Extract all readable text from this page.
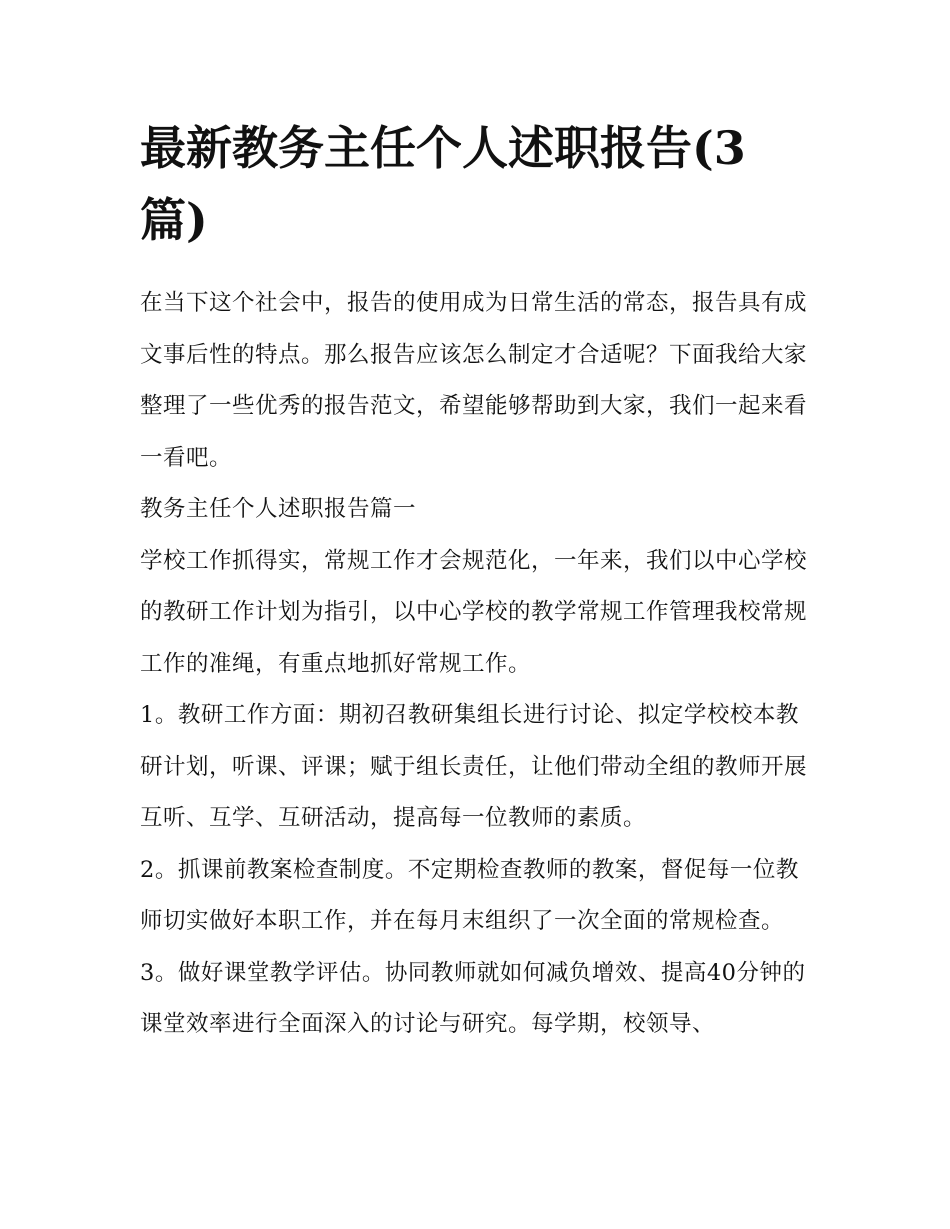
最新教务主任个人述职报告(3篇)

在当下这个社会中，报告的使用成为日常生活的常态，报告具有成文事后性的特点。那么报告应该怎么制定才合适呢？下面我给大家整理了一些优秀的报告范文，希望能够帮助到大家，我们一起来看一看吧。

教务主任个人述职报告篇一

学校工作抓得实，常规工作才会规范化，一年来，我们以中心学校的教研工作计划为指引，以中心学校的教学常规工作管理我校常规工作的准绳，有重点地抓好常规工作。

1。教研工作方面：期初召教研集组长进行讨论、拟定学校校本教研计划，听课、评课；赋于组长责任，让他们带动全组的教师开展互听、互学、互研活动，提高每一位教师的素质。

2。抓课前教案检查制度。不定期检查教师的教案，督促每一位教师切实做好本职工作，并在每月末组织了一次全面的常规检查。

3。做好课堂教学评估。协同教师就如何减负增效、提高40分钟的课堂效率进行全面深入的讨论与研究。每学期，校领导、
